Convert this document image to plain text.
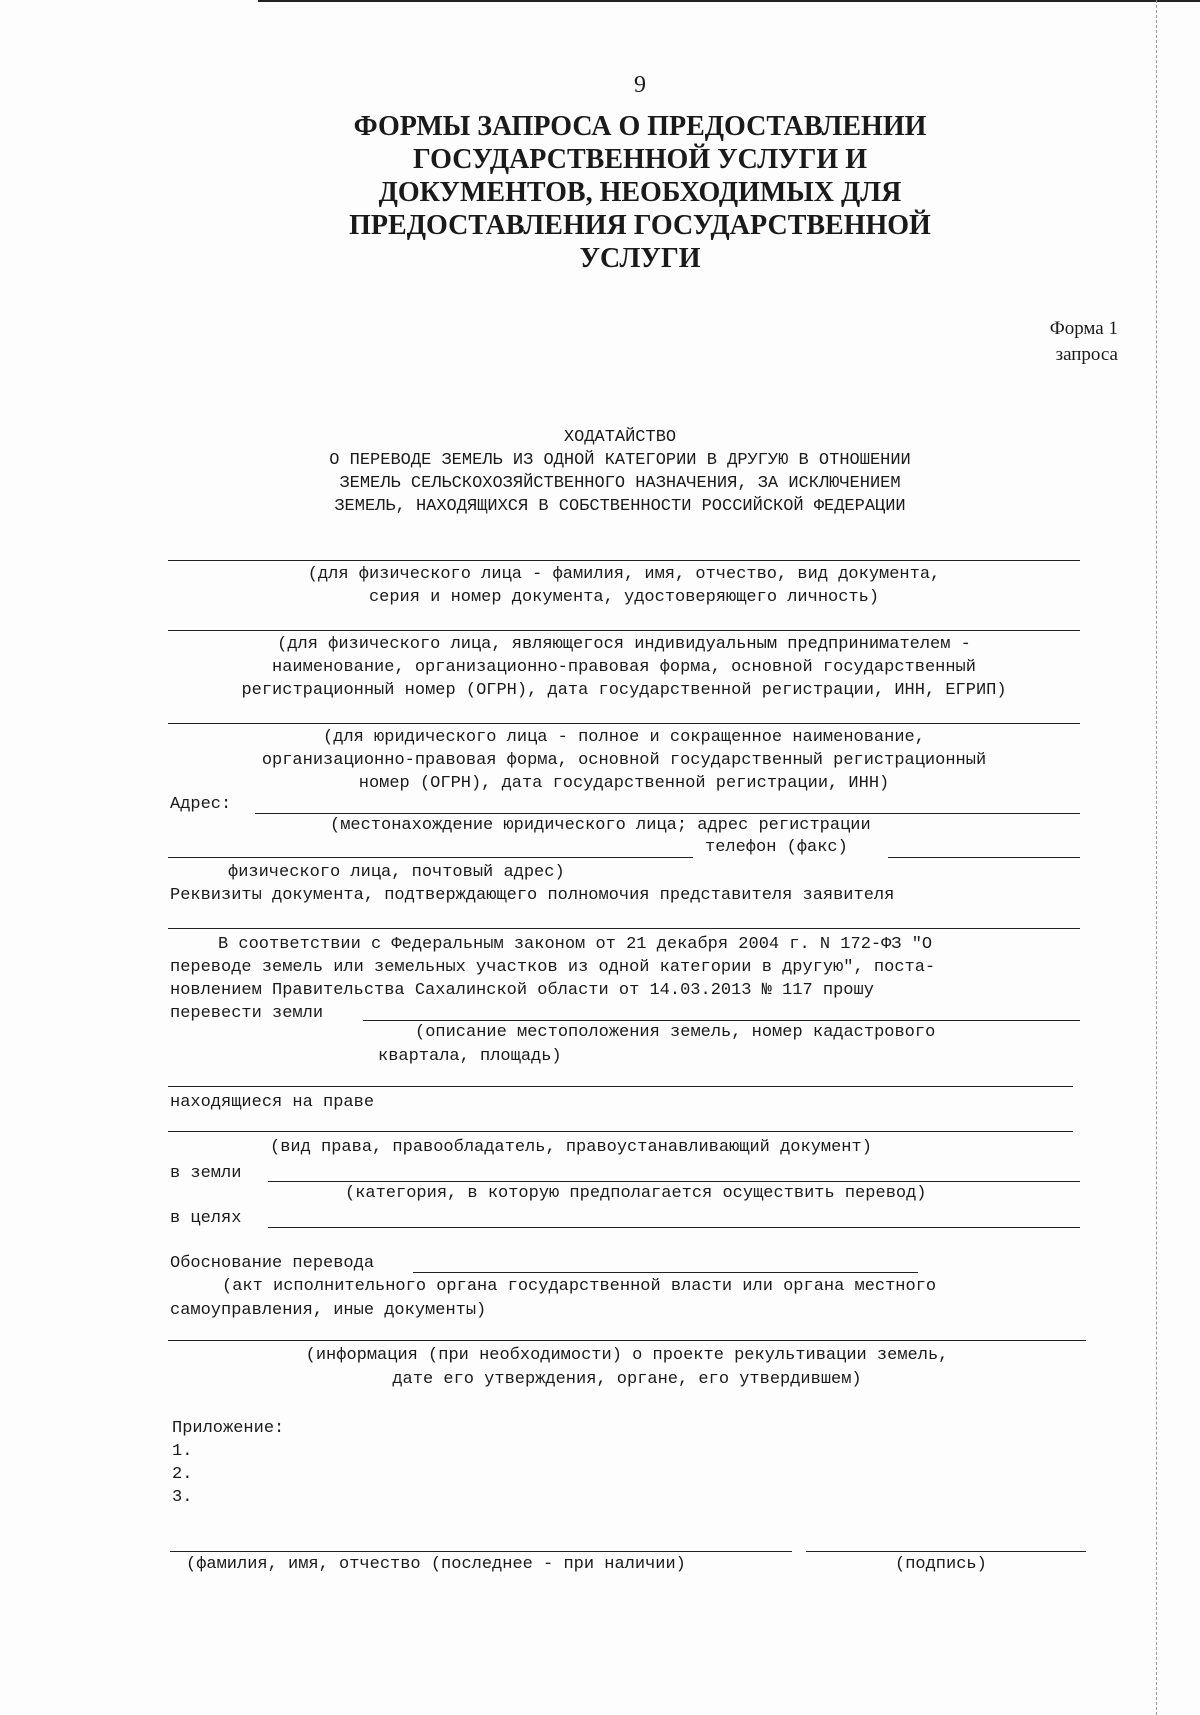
9
ФОРМЫ ЗАПРОСА О ПРЕДОСТАВЛЕНИИ
ГОСУДАРСТВЕННОЙ УСЛУГИ И
ДОКУМЕНТОВ, НЕОБХОДИМЫХ ДЛЯ
ПРЕДОСТАВЛЕНИЯ ГОСУДАРСТВЕННОЙ
УСЛУГИ
Форма 1
запроса
ХОДАТАЙСТВО
О ПЕРЕВОДЕ ЗЕМЕЛЬ ИЗ ОДНОЙ КАТЕГОРИИ В ДРУГУЮ В ОТНОШЕНИИ
ЗЕМЕЛЬ СЕЛЬСКОХОЗЯЙСТВЕННОГО НАЗНАЧЕНИЯ, ЗА ИСКЛЮЧЕНИЕМ
ЗЕМЕЛЬ, НАХОДЯЩИХСЯ В СОБСТВЕННОСТИ РОССИЙСКОЙ ФЕДЕРАЦИИ
(для физического лица - фамилия, имя, отчество, вид документа,
серия и номер документа, удостоверяющего личность)
(для физического лица, являющегося индивидуальным предпринимателем -
наименование, организационно-правовая форма, основной государственный
регистрационный номер (ОГРН), дата государственной регистрации, ИНН, ЕГРИП)
(для юридического лица - полное и сокращенное наименование,
организационно-правовая форма, основной государственный регистрационный
номер (ОГРН), дата государственной регистрации, ИНН)
Адрес:
(местонахождение юридического лица; адрес регистрации
телефон (факс)
физического лица, почтовый адрес)
Реквизиты документа, подтверждающего полномочия представителя заявителя
В соответствии с Федеральным законом от 21 декабря 2004 г. N 172-ФЗ "О
переводе земель или земельных участков из одной категории в другую", поста-
новлением Правительства Сахалинской области от 14.03.2013 № 117 прошу
перевести земли
(описание местоположения земель, номер кадастрового
квартала, площадь)
находящиеся на праве
(вид права, правообладатель, правоустанавливающий документ)
в земли
(категория, в которую предполагается осуществить перевод)
в целях
Обоснование перевода
(акт исполнительного органа государственной власти или органа местного
самоуправления, иные документы)
(информация (при необходимости) о проекте рекультивации земель,
дате его утверждения, органе, его утвердившем)
Приложение:
1.
2.
3.
(фамилия, имя, отчество (последнее - при наличии)	(подпись)
